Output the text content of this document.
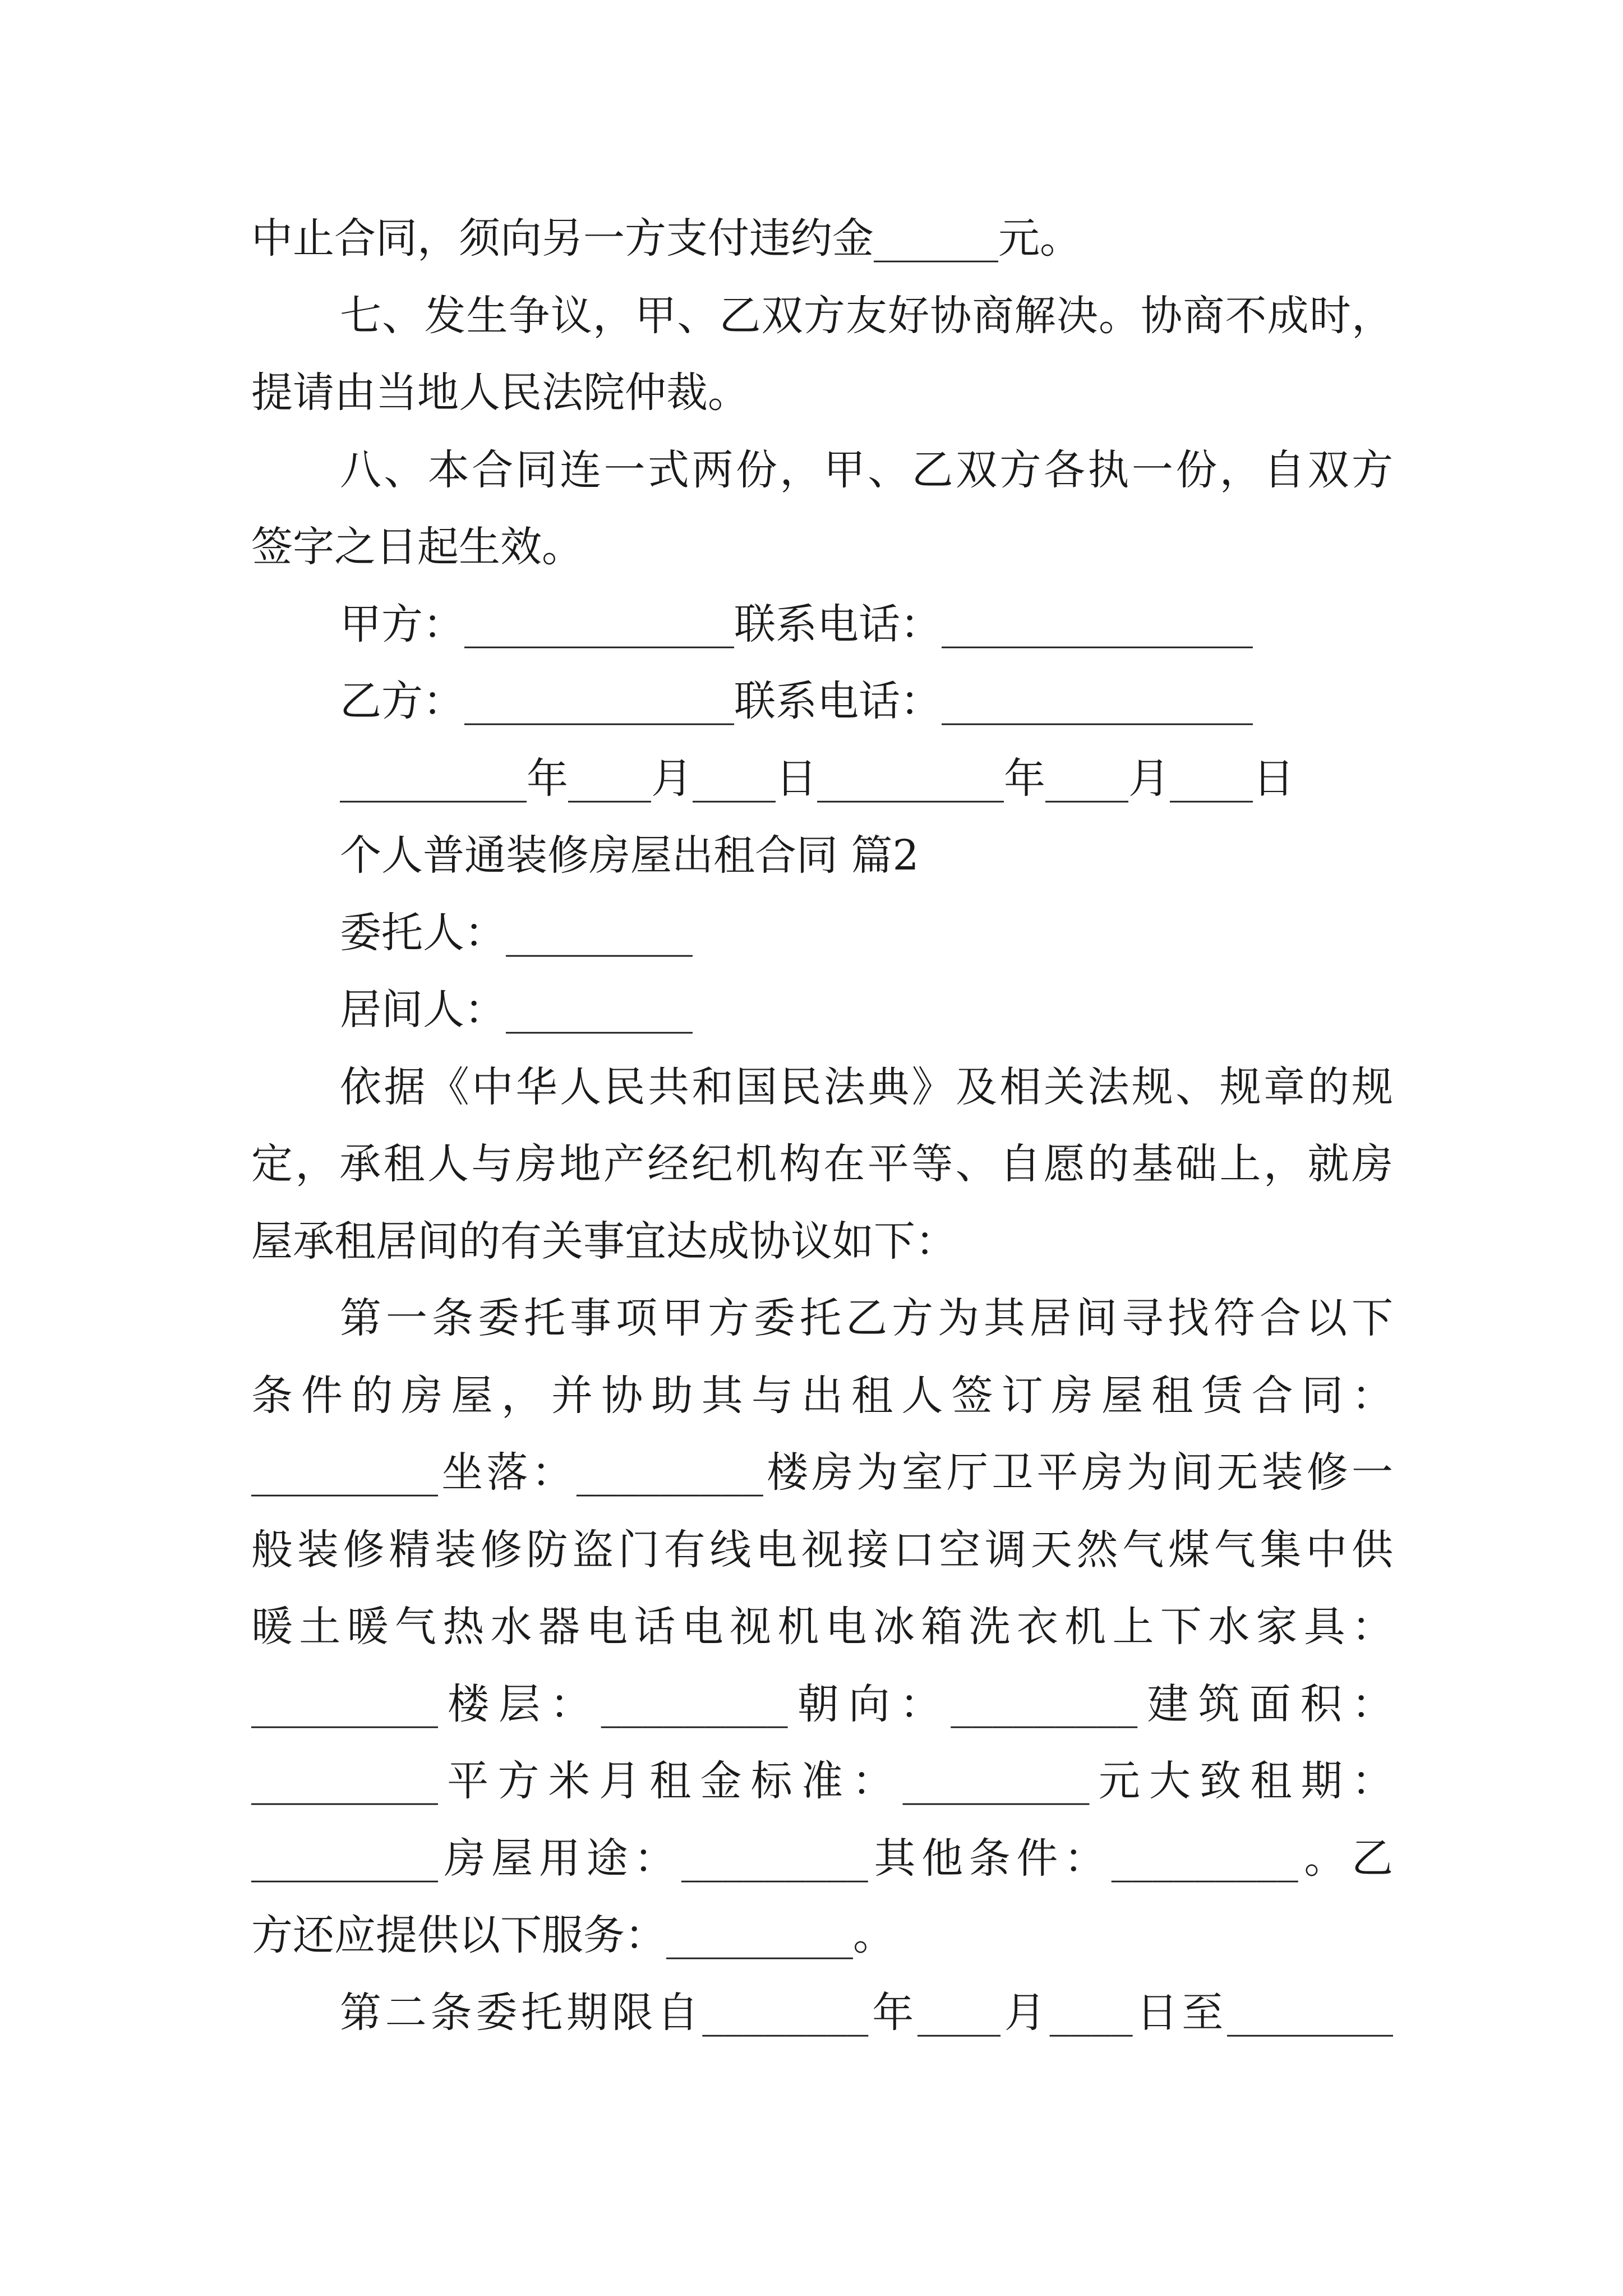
中止合同，须向另一方支付违约金______元。
七、发生争议，甲、乙双方友好协商解决。协商不成时，
提请由当地人民法院仲裁。
八、本合同连一式两份，甲、乙双方各执一份，自双方
签字之日起生效。
甲方：_____________联系电话：_______________
乙方：_____________联系电话：_______________
_________年____月____日_________年____月____日
个人普通装修房屋出租合同 篇2
委托人：_________
居间人：_________
依据《中华人民共和国民法典》及相关法规、规章的规
定，承租人与房地产经纪机构在平等、自愿的基础上，就房
屋承租居间的有关事宜达成协议如下：
第一条委托事项甲方委托乙方为其居间寻找符合以下
条件的房屋，并协助其与出租人签订房屋租赁合同：
_________坐落：_________楼房为室厅卫平房为间无装修一
般装修精装修防盗门有线电视接口空调天然气煤气集中供
暖土暖气热水器电话电视机电冰箱洗衣机上下水家具：
_________楼层：_________朝向：_________建筑面积：
_________平方米月租金标准：_________元大致租期：
_________房屋用途：_________其他条件：_________。乙
方还应提供以下服务：_________。
第二条委托期限自________年____月____日至________
